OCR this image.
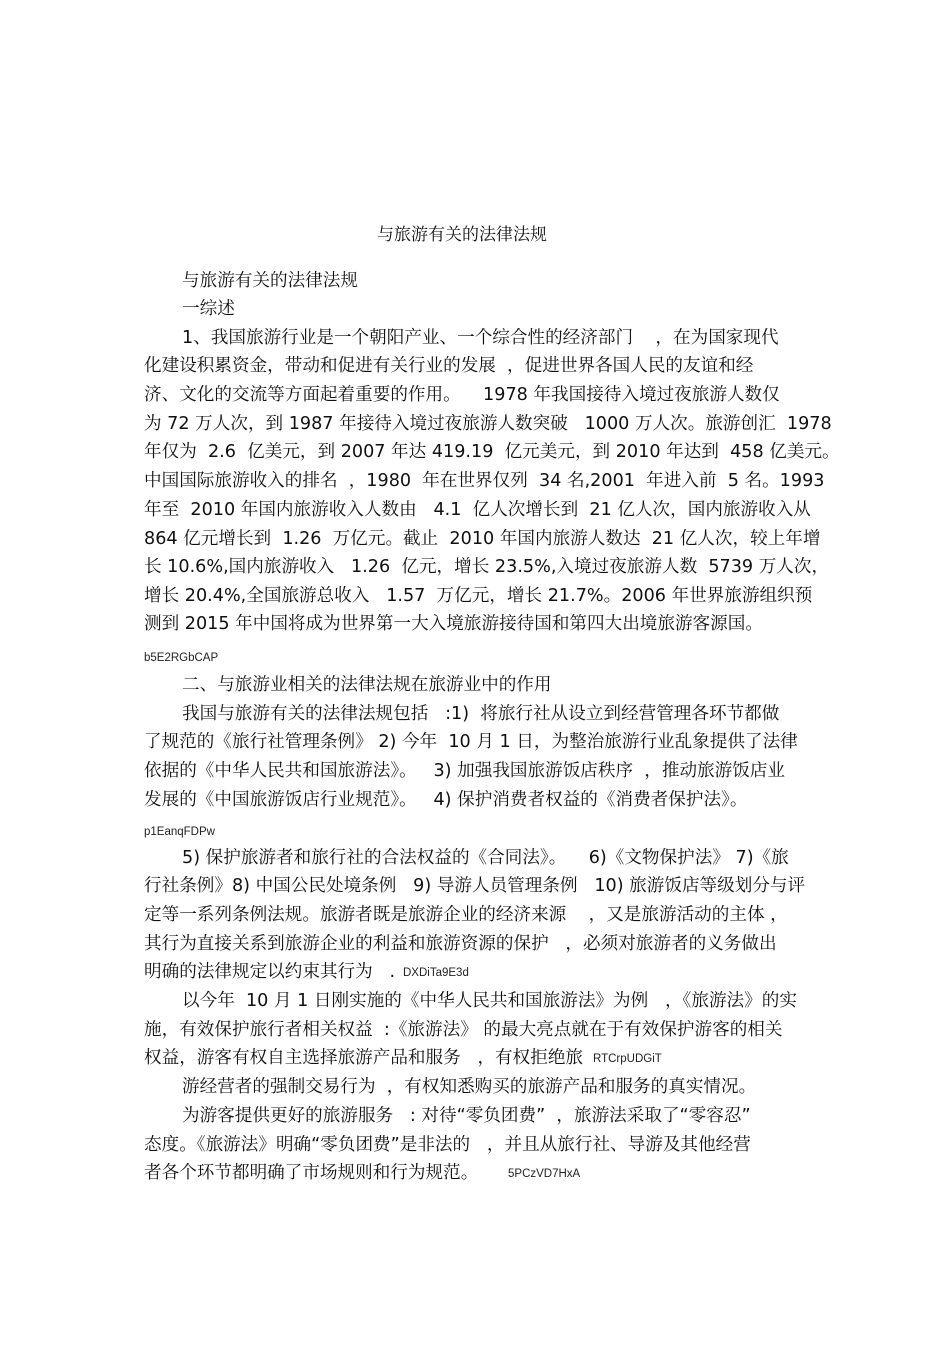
与旅游有关的法律法规
与旅游有关的法律法规
一综述
1、我国旅游行业是一个朝阳产业、一个综合性的经济部门    ，在为国家现代
化建设积累资金，带动和促进有关行业的发展  ，促进世界各国人民的友谊和经
济、文化的交流等方面起着重要的作用。    1978 年我国接待入境过夜旅游人数仅
为 72 万人次，到 1987 年接待入境过夜旅游人数突破   1000 万人次。旅游创汇  1978
年仅为  2.6  亿美元，到 2007 年达 419.19  亿元美元，到 2010 年达到  458 亿美元。
中国国际旅游收入的排名  ，1980  年在世界仅列  34 名,2001  年进入前  5 名。1993
年至  2010 年国内旅游收入人数由   4.1  亿人次增长到  21 亿人次，国内旅游收入从
864 亿元增长到  1.26  万亿元。截止  2010 年国内旅游人数达  21 亿人次，较上年增
长 10.6%,国内旅游收入   1.26  亿元，增长 23.5%,入境过夜旅游人数  5739 万人次，
增长 20.4%,全国旅游总收入   1.57  万亿元，增长 21.7%。2006 年世界旅游组织预
测到 2015 年中国将成为世界第一大入境旅游接待国和第四大出境旅游客源国。
b5E2RGbCAP
二、与旅游业相关的法律法规在旅游业中的作用
我国与旅游有关的法律法规包括   :1)  将旅行社从设立到经营管理各环节都做
了规范的《旅行社管理条例》 2) 今年  10 月 1 日，为整治旅游行业乱象提供了法律
依据的《中华人民共和国旅游法》。   3) 加强我国旅游饭店秩序  ，推动旅游饭店业
发展的《中国旅游饭店行业规范》。   4) 保护消费者权益的《消费者保护法》。
p1EanqFDPw
5) 保护旅游者和旅行社的合法权益的《合同法》。    6)《文物保护法》 7)《旅
行社条例》8) 中国公民处境条例   9) 导游人员管理条例   10) 旅游饭店等级划分与评
定等一系列条例法规。旅游者既是旅游企业的经济来源    ，又是旅游活动的主体 ，
其行为直接关系到旅游企业的利益和旅游资源的保护   ，必须对旅游者的义务做出
明确的法律规定以约束其行为   . DXDiTa9E3d
以今年  10 月 1 日刚实施的《中华人民共和国旅游法》为例   ，《旅游法》的实
施，有效保护旅行者相关权益  :《旅游法》 的最大亮点就在于有效保护游客的相关
权益，游客有权自主选择旅游产品和服务   ，有权拒绝旅 RTCrpUDGiT
游经营者的强制交易行为  ，有权知悉购买的旅游产品和服务的真实情况。
为游客提供更好的旅游服务   : 对待“零负团费”  ，旅游法采取了“零容忍”
态度。《旅游法》明确“零负团费”是非法的   ，并且从旅行社、导游及其他经营
者各个环节都明确了市场规则和行为规范。	5PCzVD7HxA
